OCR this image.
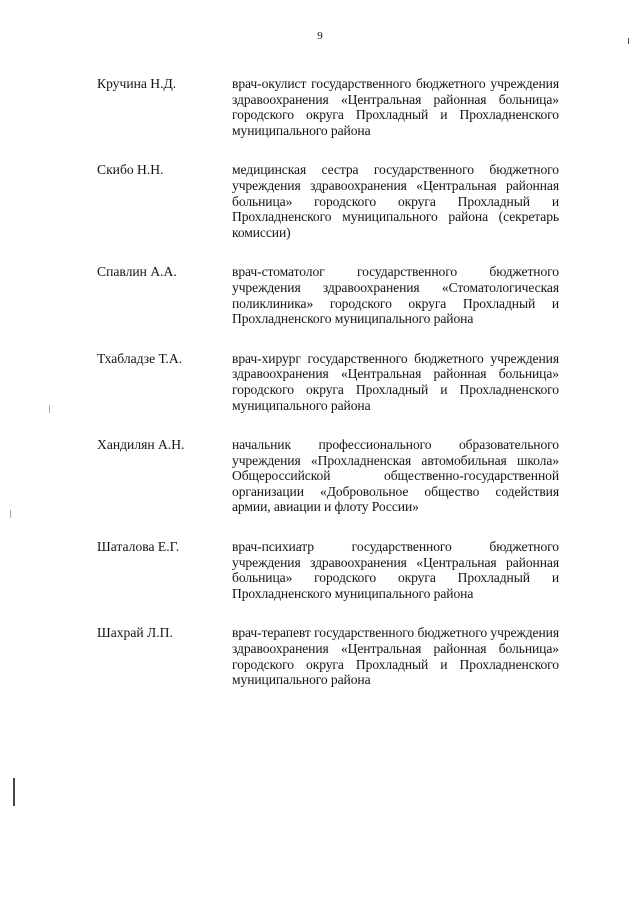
9
Кручина Н.Д.	врач-окулист государственного бюджетного учреждения здравоохранения «Центральная районная больница» городского округа Прохладный и Прохладненского муниципального района
Скибо Н.Н.	медицинская сестра государственного бюджетного учреждения здравоохранения «Центральная районная больница» городского округа Прохладный и Прохладненского муниципального района (секретарь комиссии)
Спавлин А.А.	врач-стоматолог государственного бюджетного учреждения здравоохранения «Стоматологическая поликлиника» городского округа Прохладный и Прохладненского муниципального района
Тхабладзе Т.А.	врач-хирург государственного бюджетного учреждения здравоохранения «Центральная районная больница» городского округа Прохладный и Прохладненского муниципального района
Хандилян А.Н.	начальник профессионального образовательного учреждения «Прохладненская автомобильная школа» Общероссийской общественно-государственной организации «Добровольное общество содействия армии, авиации и флоту России»
Шаталова Е.Г.	врач-психиатр государственного бюджетного учреждения здравоохранения «Центральная районная больница» городского округа Прохладный и Прохладненского муниципального района
Шахрай Л.П.	врач-терапевт государственного бюджетного учреждения здравоохранения «Центральная районная больница» городского округа Прохладный и Прохладненского муниципального района
